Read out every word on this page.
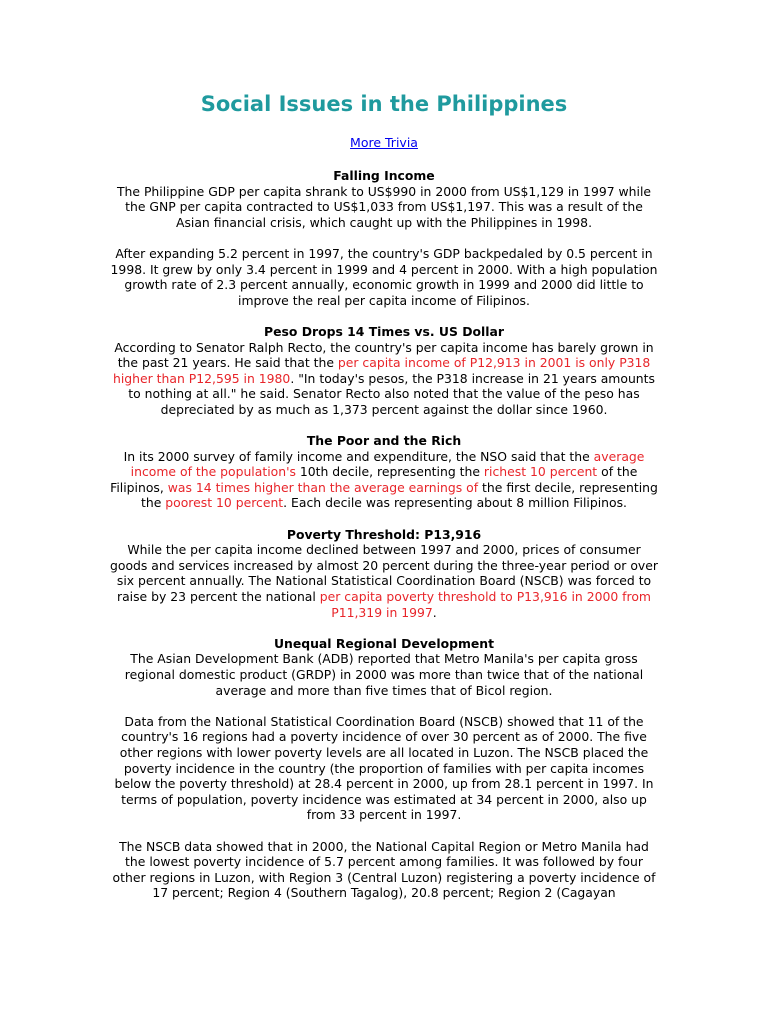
Social Issues in the Philippines
More Trivia
Falling Income

The Philippine GDP per capita shrank to US$990 in 2000 from US$1,129 in 1997 while the GNP per capita contracted to US$1,033 from US$1,197. This was a result of the Asian financial crisis, which caught up with the Philippines in 1998.

After expanding 5.2 percent in 1997, the country's GDP backpedaled by 0.5 percent in 1998. It grew by only 3.4 percent in 1999 and 4 percent in 2000. With a high population growth rate of 2.3 percent annually, economic growth in 1999 and 2000 did little to improve the real per capita income of Filipinos.

Peso Drops 14 Times vs. US Dollar

According to Senator Ralph Recto, the country's per capita income has barely grown in the past 21 years. He said that the per capita income of P12,913 in 2001 is only P318 higher than P12,595 in 1980. "In today's pesos, the P318 increase in 21 years amounts to nothing at all." he said. Senator Recto also noted that the value of the peso has depreciated by as much as 1,373 percent against the dollar since 1960.

The Poor and the Rich

In its 2000 survey of family income and expenditure, the NSO said that the average income of the population's 10th decile, representing the richest 10 percent of the Filipinos, was 14 times higher than the average earnings of the first decile, representing the poorest 10 percent. Each decile was representing about 8 million Filipinos.

Poverty Threshold: P13,916

While the per capita income declined between 1997 and 2000, prices of consumer goods and services increased by almost 20 percent during the three-year period or over six percent annually. The National Statistical Coordination Board (NSCB) was forced to raise by 23 percent the national per capita poverty threshold to P13,916 in 2000 from P11,319 in 1997.

Unequal Regional Development

The Asian Development Bank (ADB) reported that Metro Manila's per capita gross regional domestic product (GRDP) in 2000 was more than twice that of the national average and more than five times that of Bicol region.

Data from the National Statistical Coordination Board (NSCB) showed that 11 of the country's 16 regions had a poverty incidence of over 30 percent as of 2000. The five other regions with lower poverty levels are all located in Luzon. The NSCB placed the poverty incidence in the country (the proportion of families with per capita incomes below the poverty threshold) at 28.4 percent in 2000, up from 28.1 percent in 1997. In terms of population, poverty incidence was estimated at 34 percent in 2000, also up from 33 percent in 1997.

The NSCB data showed that in 2000, the National Capital Region or Metro Manila had the lowest poverty incidence of 5.7 percent among families. It was followed by four other regions in Luzon, with Region 3 (Central Luzon) registering a poverty incidence of 17 percent; Region 4 (Southern Tagalog), 20.8 percent; Region 2 (Cagayan
